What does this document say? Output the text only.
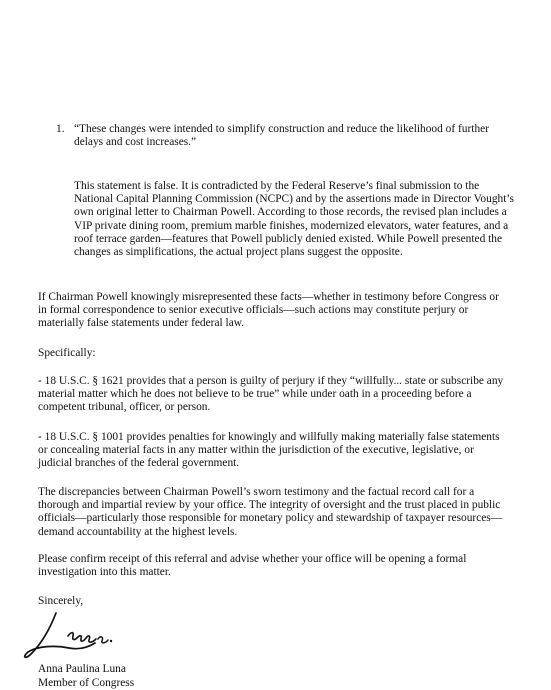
1. “These changes were intended to simplify construction and reduce the likelihood of further delays and cost increases.”

This statement is false. It is contradicted by the Federal Reserve’s final submission to the National Capital Planning Commission (NCPC) and by the assertions made in Director Vought’s own original letter to Chairman Powell. According to those records, the revised plan includes a VIP private dining room, premium marble finishes, modernized elevators, water features, and a roof terrace garden—features that Powell publicly denied existed. While Powell presented the changes as simplifications, the actual project plans suggest the opposite.

If Chairman Powell knowingly misrepresented these facts—whether in testimony before Congress or in formal correspondence to senior executive officials—such actions may constitute perjury or materially false statements under federal law.

Specifically:

- 18 U.S.C. § 1621 provides that a person is guilty of perjury if they “willfully... state or subscribe any material matter which he does not believe to be true” while under oath in a proceeding before a competent tribunal, officer, or person.

- 18 U.S.C. § 1001 provides penalties for knowingly and willfully making materially false statements or concealing material facts in any matter within the jurisdiction of the executive, legislative, or judicial branches of the federal government.

The discrepancies between Chairman Powell’s sworn testimony and the factual record call for a thorough and impartial review by your office. The integrity of oversight and the trust placed in public officials—particularly those responsible for monetary policy and stewardship of taxpayer resources—demand accountability at the highest levels.

Please confirm receipt of this referral and advise whether your office will be opening a formal investigation into this matter.

Sincerely,

Anna Paulina Luna
Member of Congress
